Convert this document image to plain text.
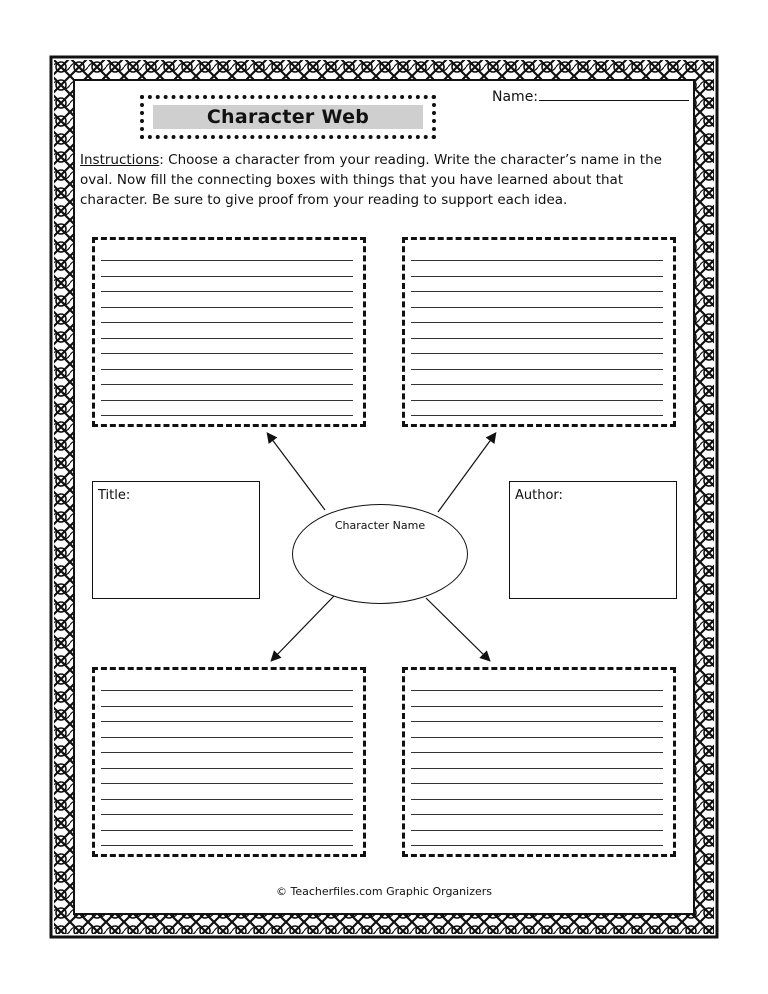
Character Web
Name:
Instructions: Choose a character from your reading. Write the character’s name in the oval. Now fill the connecting boxes with things that you have learned about that character. Be sure to give proof from your reading to support each idea.
Title:	Author:
Character Name
© Teacherfiles.com Graphic Organizers
